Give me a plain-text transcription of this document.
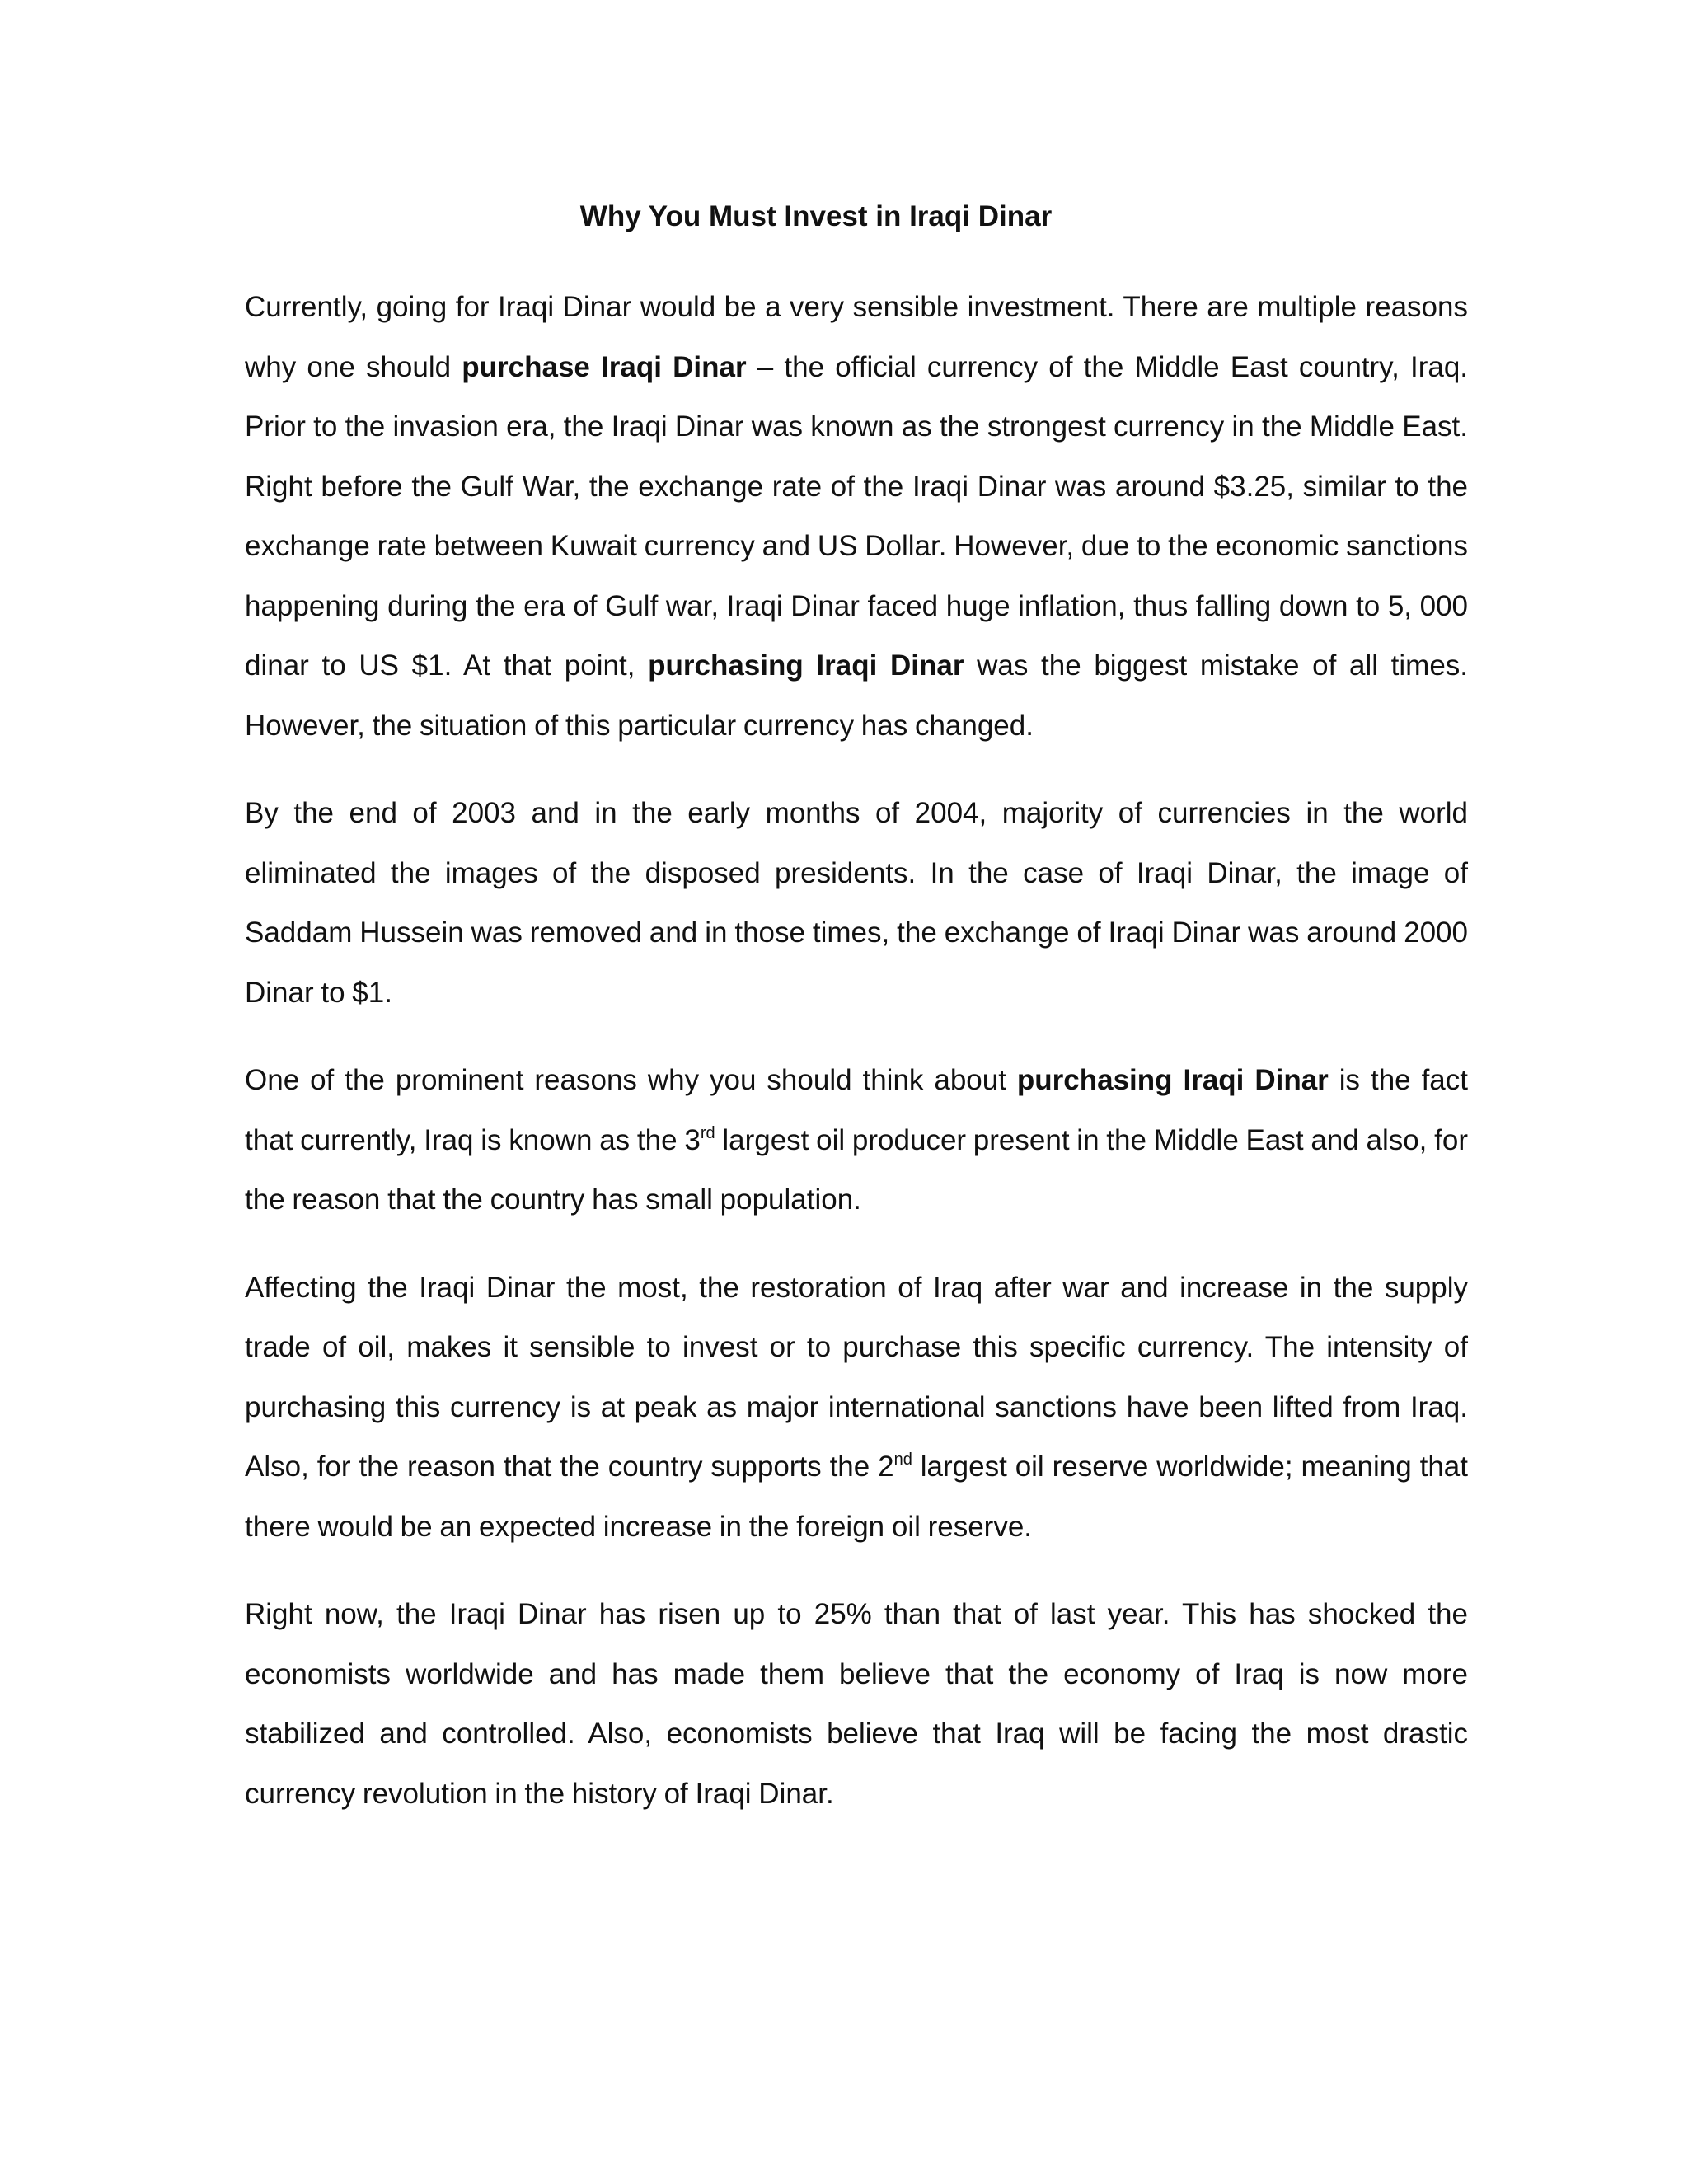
Why You Must Invest in Iraqi Dinar

Currently, going for Iraqi Dinar would be a very sensible investment. There are multiple reasons why one should purchase Iraqi Dinar – the official currency of the Middle East country, Iraq. Prior to the invasion era, the Iraqi Dinar was known as the strongest currency in the Middle East. Right before the Gulf War, the exchange rate of the Iraqi Dinar was around $3.25, similar to the exchange rate between Kuwait currency and US Dollar. However, due to the economic sanctions happening during the era of Gulf war, Iraqi Dinar faced huge inflation, thus falling down to 5, 000 dinar to US $1. At that point, purchasing Iraqi Dinar was the biggest mistake of all times. However, the situation of this particular currency has changed.

By the end of 2003 and in the early months of 2004, majority of currencies in the world eliminated the images of the disposed presidents. In the case of Iraqi Dinar, the image of Saddam Hussein was removed and in those times, the exchange of Iraqi Dinar was around 2000 Dinar to $1.

One of the prominent reasons why you should think about purchasing Iraqi Dinar is the fact that currently, Iraq is known as the 3rd largest oil producer present in the Middle East and also, for the reason that the country has small population.

Affecting the Iraqi Dinar the most, the restoration of Iraq after war and increase in the supply trade of oil, makes it sensible to invest or to purchase this specific currency. The intensity of purchasing this currency is at peak as major international sanctions have been lifted from Iraq. Also, for the reason that the country supports the 2nd largest oil reserve worldwide; meaning that there would be an expected increase in the foreign oil reserve.

Right now, the Iraqi Dinar has risen up to 25% than that of last year. This has shocked the economists worldwide and has made them believe that the economy of Iraq is now more stabilized and controlled. Also, economists believe that Iraq will be facing the most drastic currency revolution in the history of Iraqi Dinar.
